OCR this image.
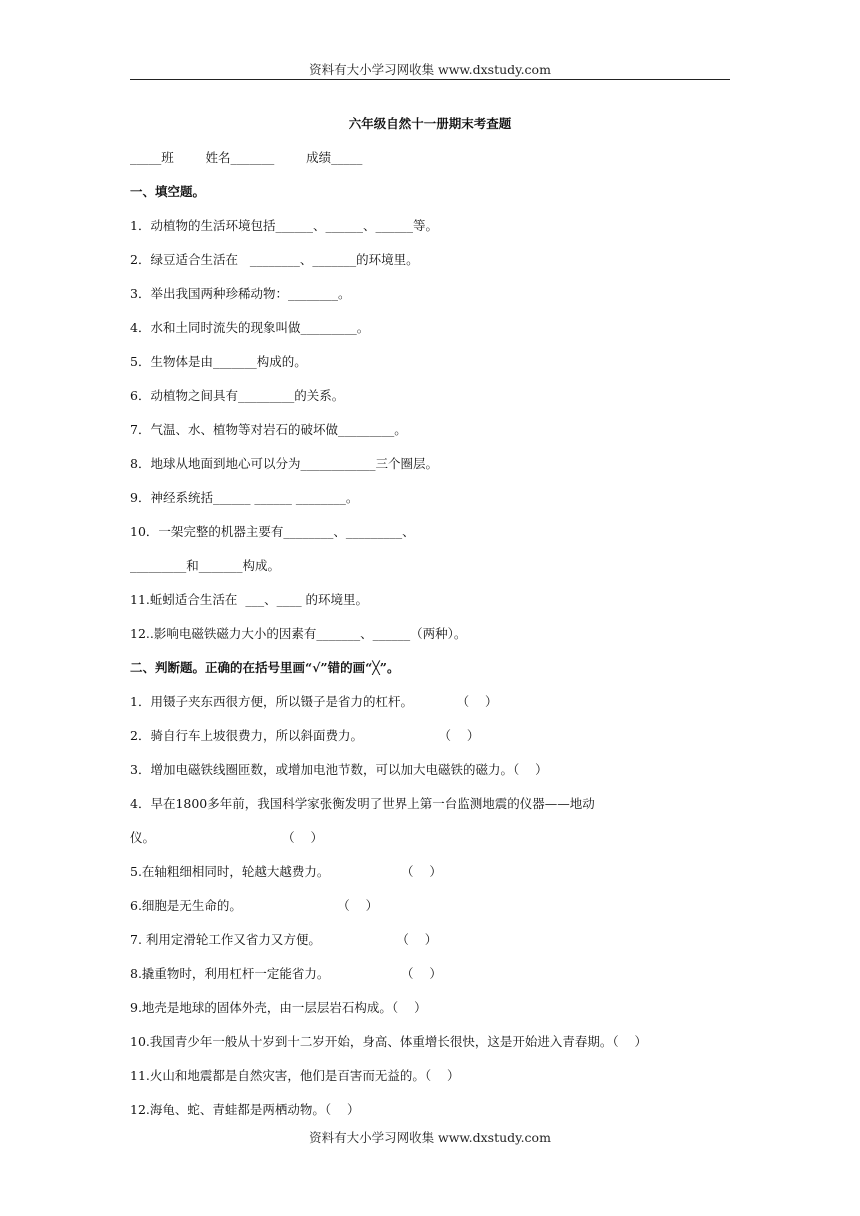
资料有大小学习网收集 www.dxstudy.com
六年级自然十一册期末考查题
_____班        姓名_______        成绩_____
一、填空题。
1．动植物的生活环境包括______、______、______等。
2．绿豆适合生活在   ________、_______的环境里。
3．举出我国两种珍稀动物：________。
4．水和土同时流失的现象叫做_________。
5．生物体是由_______构成的。
6．动植物之间具有_________的关系。
7．气温、水、植物等对岩石的破坏做_________。
8．地球从地面到地心可以分为____________三个圈层。
9．神经系统括______ ______ ________。
10．一架完整的机器主要有________、_________、
_________和_______构成。
11.蚯蚓适合生活在  ___、____ 的环境里。
12..影响电磁铁磁力大小的因素有_______、______（两种）。
二、判断题。正确的在括号里画“√”错的画“╳”。
1．用镊子夹东西很方便，所以镊子是省力的杠杆。           （    ）
2．骑自行车上坡很费力，所以斜面费力。                   （    ）
3．增加电磁铁线圈匝数，或增加电池节数，可以加大电磁铁的磁力。（    ）
4．早在1800多年前，我国科学家张衡发明了世界上第一台监测地震的仪器——地动
仪。                                （    ）
5.在轴粗细相同时，轮越大越费力。                  （    ）
6.细胞是无生命的。                        （    ）
7. 利用定滑轮工作又省力又方便。                   （    ）
8.撬重物时，利用杠杆一定能省力。                  （    ）
9.地壳是地球的固体外壳，由一层层岩石构成。（    ）
10.我国青少年一般从十岁到十二岁开始，身高、体重增长很快，这是开始进入青春期。（    ）
11.火山和地震都是自然灾害，他们是百害而无益的。（    ）
12.海龟、蛇、青蛙都是两栖动物。（    ）
资料有大小学习网收集 www.dxstudy.com
